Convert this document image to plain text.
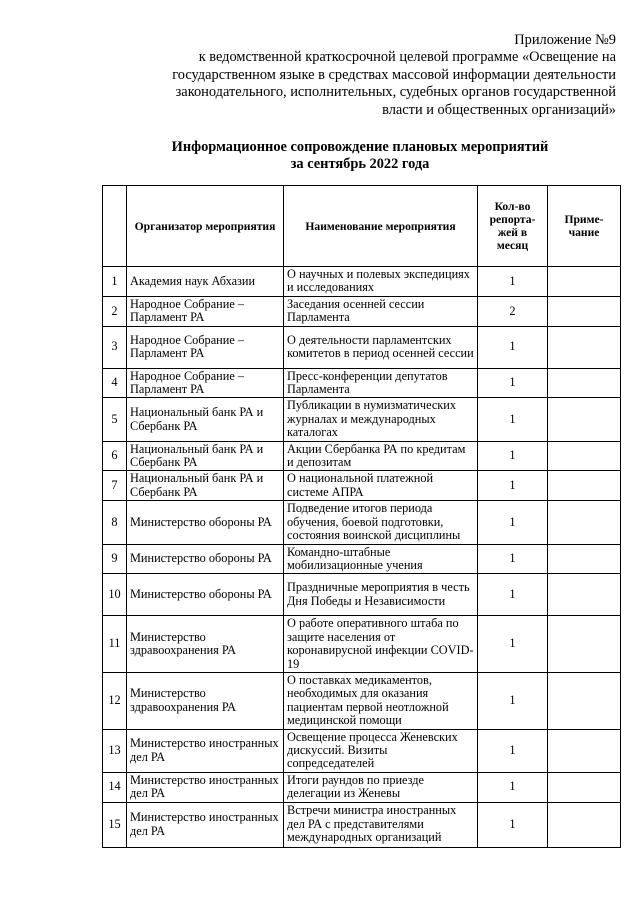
Приложение №9
к ведомственной краткосрочной целевой программе «Освещение на
государственном языке в средствах массовой информации деятельности
законодательного, исполнительных, судебных органов государственной
власти и общественных организаций»
Информационное сопровождение плановых мероприятий
за сентябрь 2022 года
	Организатор мероприятия	Наименование мероприятия	Кол-во репорта-жей в месяц	Приме-чание
1	Академия наук Абхазии	О научных и полевых экспедициях и исследованиях	1	
2	Народное Собрание – Парламент РА	Заседания осенней сессии Парламента	2	
3	Народное Собрание – Парламент РА	О деятельности парламентских комитетов в период осенней сессии	1	
4	Народное Собрание – Парламент РА	Пресс-конференции депутатов Парламента	1	
5	Национальный банк РА и Сбербанк РА	Публикации в нумизматических журналах и международных каталогах	1	
6	Национальный банк РА и Сбербанк РА	Акции Сбербанка РА по кредитам и депозитам	1	
7	Национальный банк РА и Сбербанк РА	О национальной платежной системе АПРА	1	
8	Министерство обороны РА	Подведение итогов периода обучения, боевой подготовки, состояния воинской дисциплины	1	
9	Министерство обороны РА	Командно-штабные мобилизационные учения	1	
10	Министерство обороны РА	Праздничные мероприятия в честь Дня Победы и Независимости	1	
11	Министерство здравоохранения РА	О работе оперативного штаба по защите населения от коронавирусной инфекции COVID-19	1	
12	Министерство здравоохранения РА	О поставках медикаментов, необходимых для оказания пациентам первой неотложной медицинской помощи	1	
13	Министерство иностранных дел РА	Освещение процесса Женевских дискуссий. Визиты сопредседателей	1	
14	Министерство иностранных дел РА	Итоги раундов по приезде делегации из Женевы	1	
15	Министерство иностранных дел РА	Встречи министра иностранных дел РА с представителями международных организаций	1	
